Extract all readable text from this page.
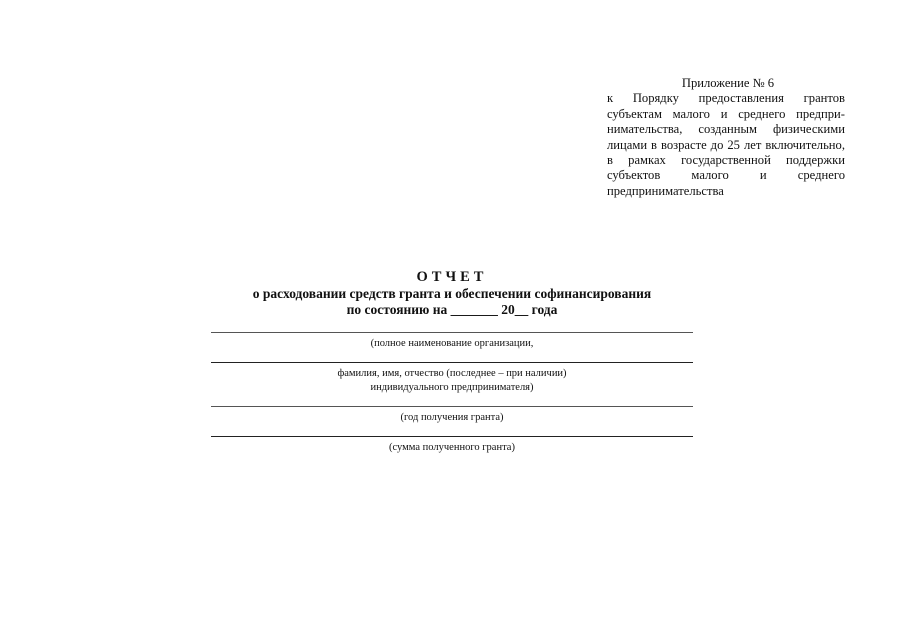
Приложение № 6
к Порядку предоставления грантов субъектам малого и среднего предпринимательства, созданным физическими лицами в возрасте до 25 лет включительно, в рамках государственной поддержки субъектов малого и среднего предпринимательства
ОТЧЕТ
о расходовании средств гранта и обеспечении софинансирования
по состоянию на _______ 20__ года
(полное наименование организации,
фамилия, имя, отчество (последнее – при наличии)
индивидуального предпринимателя)
(год получения гранта)
(сумма полученного гранта)
